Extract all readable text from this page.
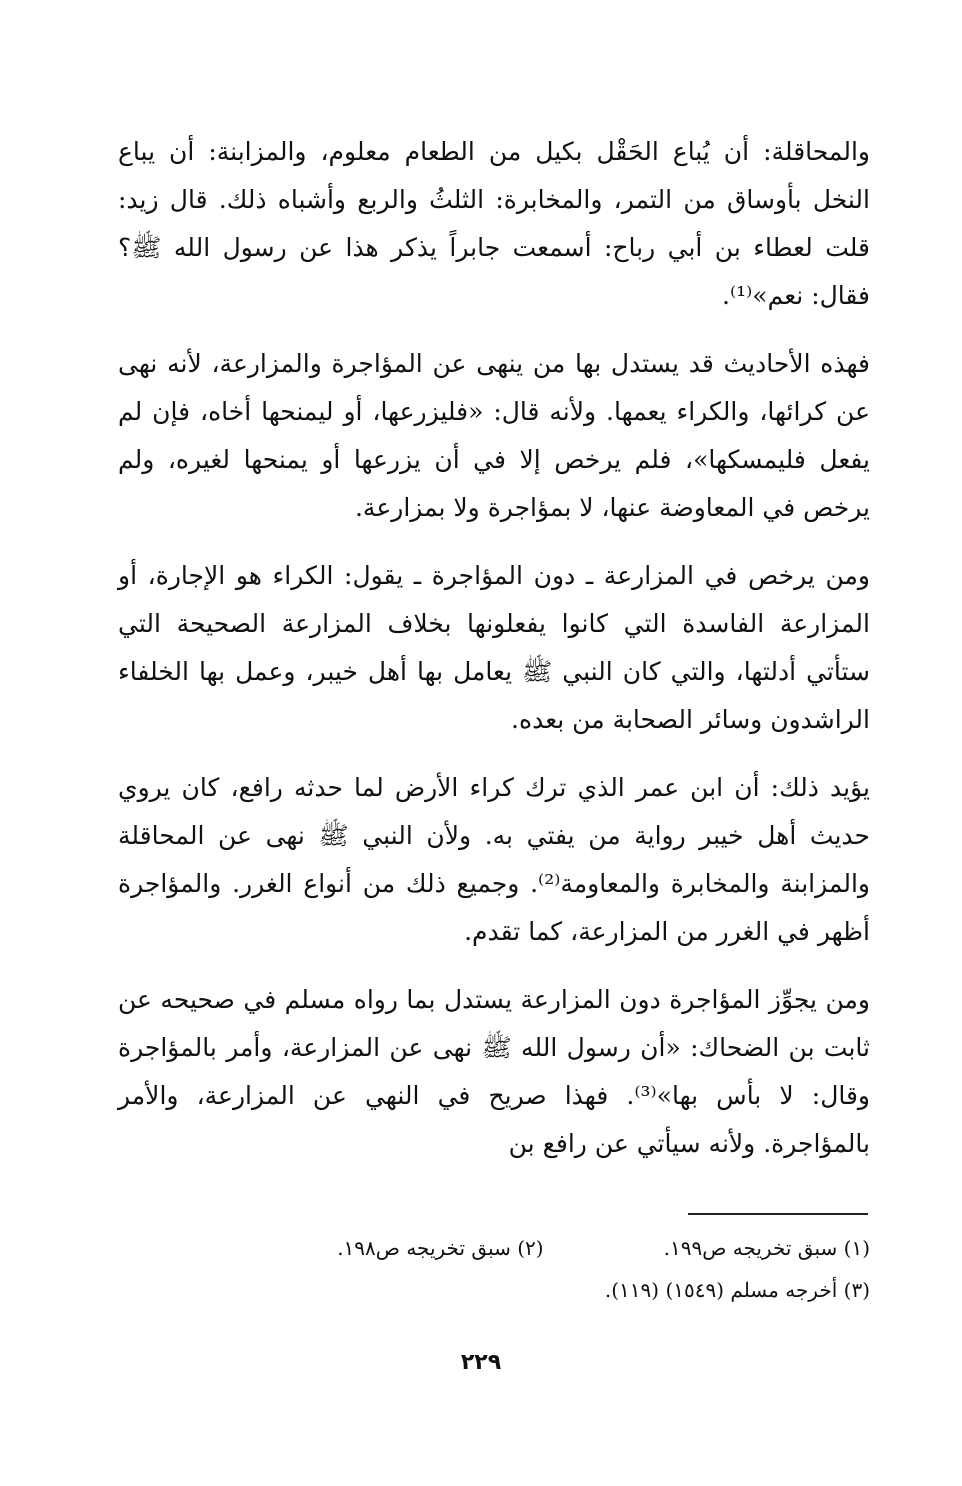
والمحاقلة: أن يُباع الحَقْل بكيل من الطعام معلوم، والمزابنة: أن يباع النخل بأوساق من التمر، والمخابرة: الثلثُ والربع وأشباه ذلك. قال زيد: قلت لعطاء بن أبي رباح: أسمعت جابراً يذكر هذا عن رسول الله ﷺ؟ فقال: نعم»⁽¹⁾.

فهذه الأحاديث قد يستدل بها من ينهى عن المؤاجرة والمزارعة، لأنه نهى عن كرائها، والكراء يعمها. ولأنه قال: «فليزرعها، أو ليمنحها أخاه، فإن لم يفعل فليمسكها»، فلم يرخص إلا في أن يزرعها أو يمنحها لغيره، ولم يرخص في المعاوضة عنها، لا بمؤاجرة ولا بمزارعة.

ومن يرخص في المزارعة ـ دون المؤاجرة ـ يقول: الكراء هو الإجارة، أو المزارعة الفاسدة التي كانوا يفعلونها بخلاف المزارعة الصحيحة التي ستأتي أدلتها، والتي كان النبي ﷺ يعامل بها أهل خيبر، وعمل بها الخلفاء الراشدون وسائر الصحابة من بعده.

يؤيد ذلك: أن ابن عمر الذي ترك كراء الأرض لما حدثه رافع، كان يروي حديث أهل خيبر رواية من يفتي به. ولأن النبي ﷺ نهى عن المحاقلة والمزابنة والمخابرة والمعاومة⁽²⁾. وجميع ذلك من أنواع الغرر. والمؤاجرة أظهر في الغرر من المزارعة، كما تقدم.

ومن يجوِّز المؤاجرة دون المزارعة يستدل بما رواه مسلم في صحيحه عن ثابت بن الضحاك: «أن رسول الله ﷺ نهى عن المزارعة، وأمر بالمؤاجرة وقال: لا بأس بها»⁽³⁾. فهذا صريح في النهي عن المزارعة، والأمر بالمؤاجرة. ولأنه سيأتي عن رافع بن

(١) سبق تخريجه ص١٩٩.(٢) سبق تخريجه ص١٩٨.
(٣) أخرجه مسلم (١٥٤٩) (١١٩).
٢٢٩
